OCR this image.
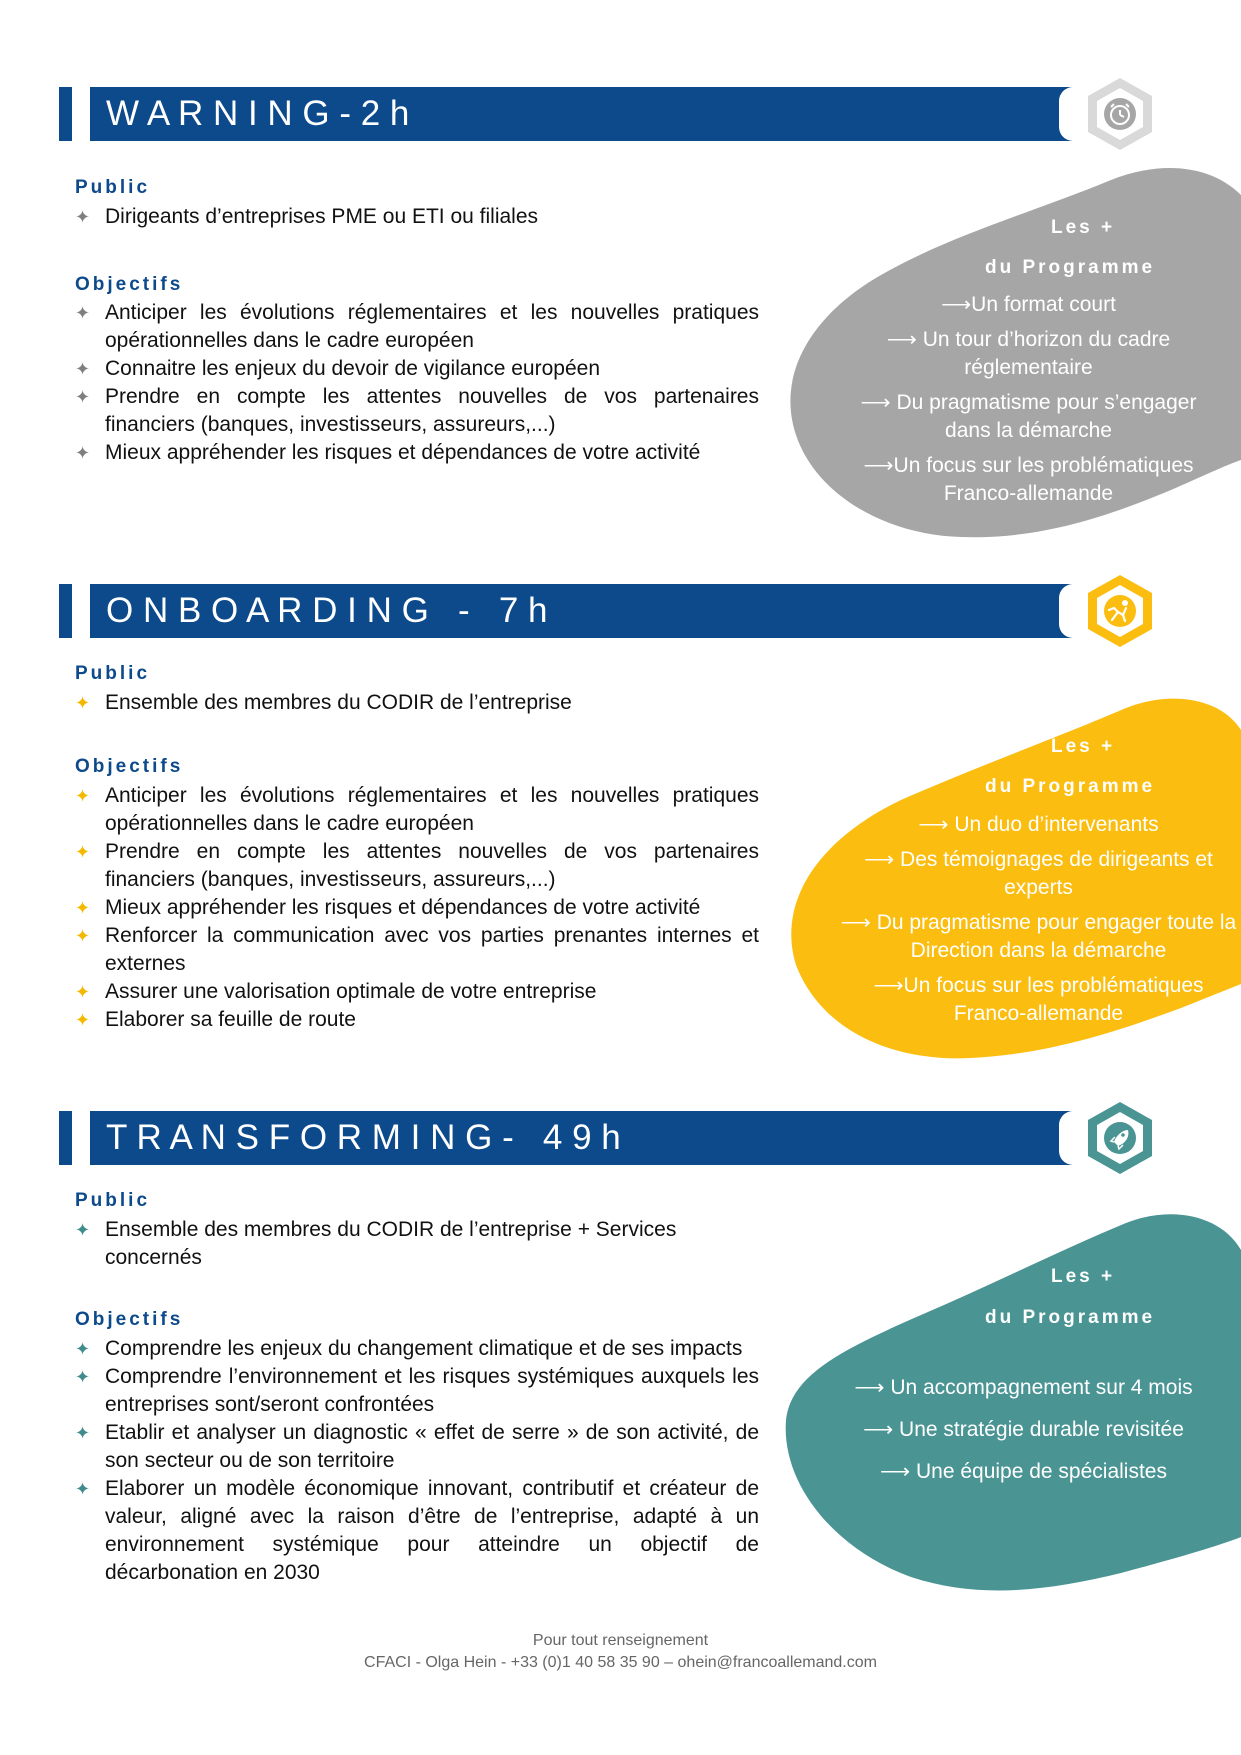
W A R N I N G - 2 h
Public
✦ Dirigeants d’entreprises PME ou ETI ou filiales
Objectifs
✦ Anticiper les évolutions réglementaires et les nouvelles pratiques opérationnelles dans le cadre européen
✦ Connaitre les enjeux du devoir de vigilance européen
✦ Prendre en compte les attentes nouvelles de vos partenaires financiers (banques, investisseurs, assureurs,...)
✦ Mieux appréhender les risques et dépendances de votre activité
Les +
du Programme
⟶Un format court
⟶ Un tour d’horizon du cadre réglementaire
⟶ Du pragmatisme pour s’engager dans la démarche
⟶Un focus sur les problématiques Franco-allemande
O N B O A R D I N G   -   7 h
Public
✦ Ensemble des membres du CODIR de l’entreprise
Objectifs
✦ Anticiper les évolutions réglementaires et les nouvelles pratiques opérationnelles dans le cadre européen
✦ Prendre en compte les attentes nouvelles de vos partenaires financiers (banques, investisseurs, assureurs,...)
✦ Mieux appréhender les risques et dépendances de votre activité
✦ Renforcer la communication avec vos parties prenantes internes et externes
✦ Assurer une valorisation optimale de votre entreprise
✦ Elaborer sa feuille de route
Les +
du Programme
⟶ Un duo d’intervenants
⟶ Des témoignages de dirigeants et experts
⟶ Du pragmatisme pour engager toute la Direction dans la démarche
⟶Un focus sur les problématiques Franco-allemande
T R A N S F O R M I N G -   4 9 h
Public
✦ Ensemble des membres du CODIR de l’entreprise + Services concernés
Objectifs
✦ Comprendre les enjeux du changement climatique et de ses impacts
✦ Comprendre l’environnement et les risques systémiques auxquels les entreprises sont/seront confrontées
✦ Etablir et analyser un diagnostic « effet de serre » de son activité, de son secteur ou de son territoire
✦ Elaborer un modèle économique innovant, contributif et créateur de valeur, aligné avec la raison d’être de l’entreprise, adapté à un environnement systémique pour atteindre un objectif de décarbonation en 2030
Les +
du Programme
⟶ Un accompagnement sur 4 mois
⟶ Une stratégie durable revisitée
⟶ Une équipe de spécialistes
Pour tout renseignement
CFACI - Olga Hein - +33 (0)1 40 58 35 90 – ohein@francoallemand.com
